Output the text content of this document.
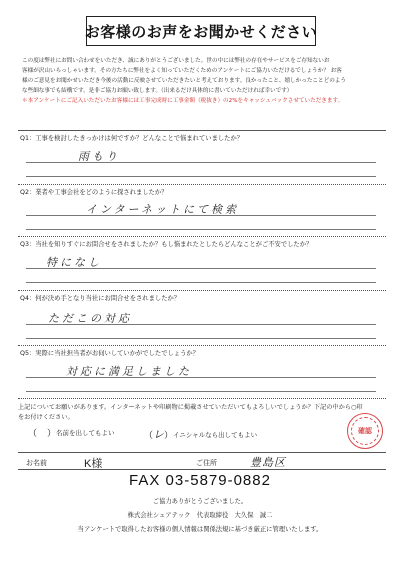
お客様のお声をお聞かせください

この度は弊社にお問い合わせをいただき、誠にありがとうございました。世の中には弊社の存在やサービスをご存知ないお

客様が沢山いらっしゃいます。その方たちに弊社をよく知っていただくためのアンケートにご協力いただけるでしょうか？ お客

様のご意見をお聞かせいただき今後の活動に反映させていただきたいと考えております。良かったこと、嬉しかったことどのよう

な些細な事でも結構です。是非ご協力お願い致します。（出来るだけ具体的に書いていただければ幸いです）

＊本アンケートにご記入いただいたお客様には工事完成時に工事金額（税抜き）の2%をキャッシュバックさせていただきます。

Q1：工事を検討したきっかけは何ですか？どんなことで悩まれていましたか？
雨もり
Q2：業者や工事会社をどのように探されましたか？
インターネットにて検索
Q3：当社を知りすぐにお問合せをされましたか？もし悩まれたとしたらどんなことがご不安でしたか？
特になし
Q4：何が決め手となり当社にお問合せをされましたか？
ただこの対応
Q5：実際に当社担当者がお伺いしていかがでしたでしょうか？
対応に満足しました

上記についてお願いがあります。インターネットや印刷物に掲載させていただいてもよろしいでしょうか？下記の中から○印

をお付けください。

（ ） 名前を出してもよい	（ レ ） イニシャルなら出してもよい	確認
お名前	K様	ご住所	豊島区
FAX 03-5879-0882
ご協力ありがとうございました。
株式会社シェアテック　代表取締役　大久保　誠二
当アンケートで取得したお客様の個人情報は関係法規に基づき厳正に管理いたします。
